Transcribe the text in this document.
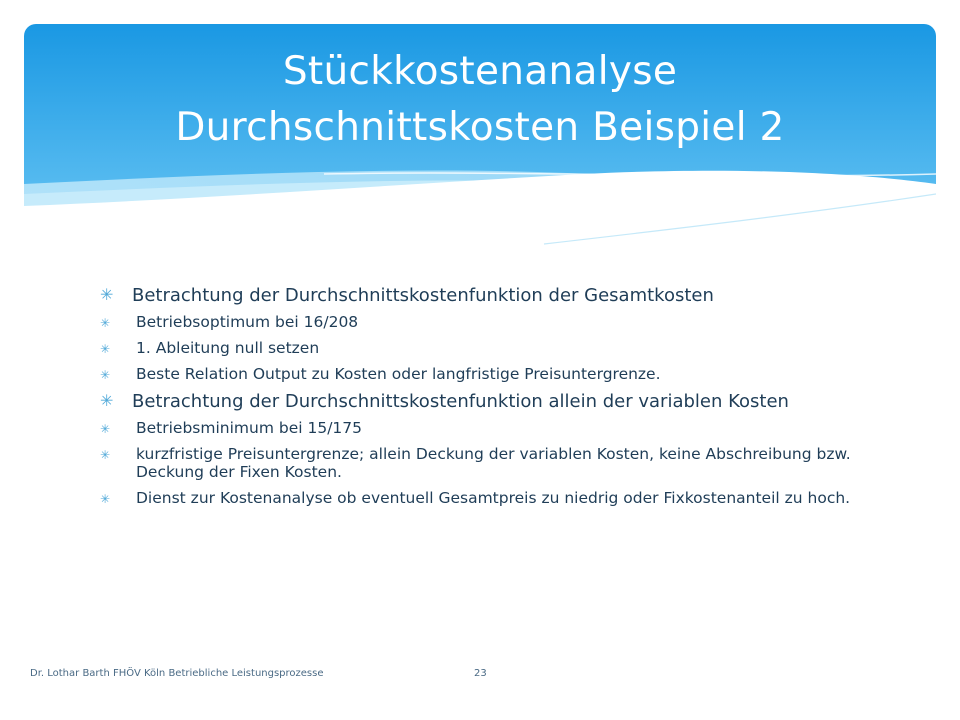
Stückkostenanalyse
Durchschnittskosten Beispiel 2
✳ Betrachtung der Durchschnittskostenfunktion der Gesamtkosten
✳ Betriebsoptimum bei 16/208
✳ 1. Ableitung null setzen
✳ Beste Relation Output zu Kosten oder langfristige Preisuntergrenze.
✳ Betrachtung der Durchschnittskostenfunktion allein der variablen Kosten
✳ Betriebsminimum bei 15/175
✳ kurzfristige Preisuntergrenze; allein Deckung der variablen Kosten, keine Abschreibung bzw. Deckung der Fixen Kosten.
✳ Dienst zur Kostenanalyse ob eventuell Gesamtpreis zu niedrig oder Fixkostenanteil zu hoch.
Dr. Lothar Barth FHÖV Köln Betriebliche Leistungsprozesse	23
